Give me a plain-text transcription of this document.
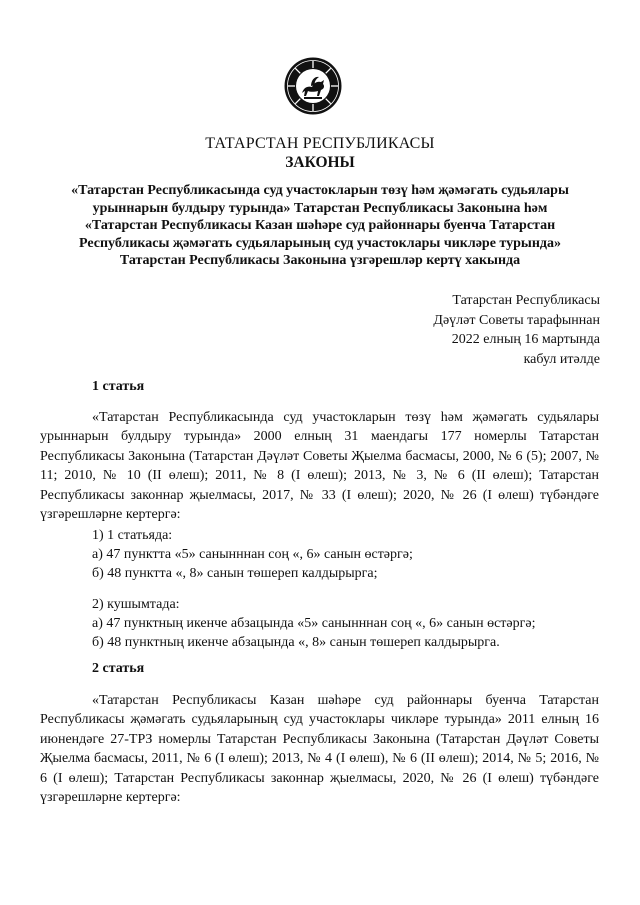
ТАТАРСТАН РЕСПУБЛИКАСЫ
ЗАКОНЫ
«Татарстан Республикасында суд участокларын төзү һәм җәмәгать судьялары
урыннарын булдыру турында» Татарстан Республикасы Законына һәм
«Татарстан Республикасы Казан шәһәре суд районнары буенча Татарстан
Республикасы җәмәгать судьяларының суд участоклары чикләре турында»
Татарстан Республикасы Законына үзгәрешләр кертү хакында
Татарстан Республикасы
Дәүләт Советы тарафыннан
2022 елның 16 мартында
кабул итәлдe
1 статья
«Татарстан Республикасында суд участокларын төзү һәм җәмәгать судьялары урыннарын булдыру турында» 2000 елның 31 маендагы 177 номерлы Татарстан Республикасы Законына (Татарстан Дәүләт Советы Җыелма басмасы, 2000, № 6 (5); 2007, № 11; 2010, № 10 (II өлеш); 2011, № 8 (I өлеш); 2013, № 3, № 6 (II өлеш); Татарстан Республикасы законнар җыелмасы, 2017, № 33 (I өлеш); 2020, № 26 (I өлеш) түбәндәге үзгәрешләрне кертергә:
1) 1 статьяда:
а) 47 пунктта «5» санынннан соң «, 6» санын өстәргә;
б) 48 пунктта «, 8» санын төшереп калдырырга;
2) кушымтада:
а) 47 пунктның икенче абзацында «5» санынннан соң «, 6» санын өстәргә;
б) 48 пунктның икенче абзацында «, 8» санын төшереп калдырырга.
2 статья
«Татарстан Республикасы Казан шәһәре суд районнары буенча Татарстан Республикасы җәмәгать судьяларының суд участоклары чикләре турында» 2011 елның 16 июнендәге 27-ТРЗ номерлы Татарстан Республикасы Законына (Татарстан Дәүләт Советы Җыелма басмасы, 2011, № 6 (I өлеш); 2013, № 4 (I өлеш), № 6 (II өлеш); 2014, № 5; 2016, № 6 (I өлеш); Татарстан Республикасы законнар җыелмасы, 2020, № 26 (I өлеш) түбәндәге үзгәрешләрне кертергә:
